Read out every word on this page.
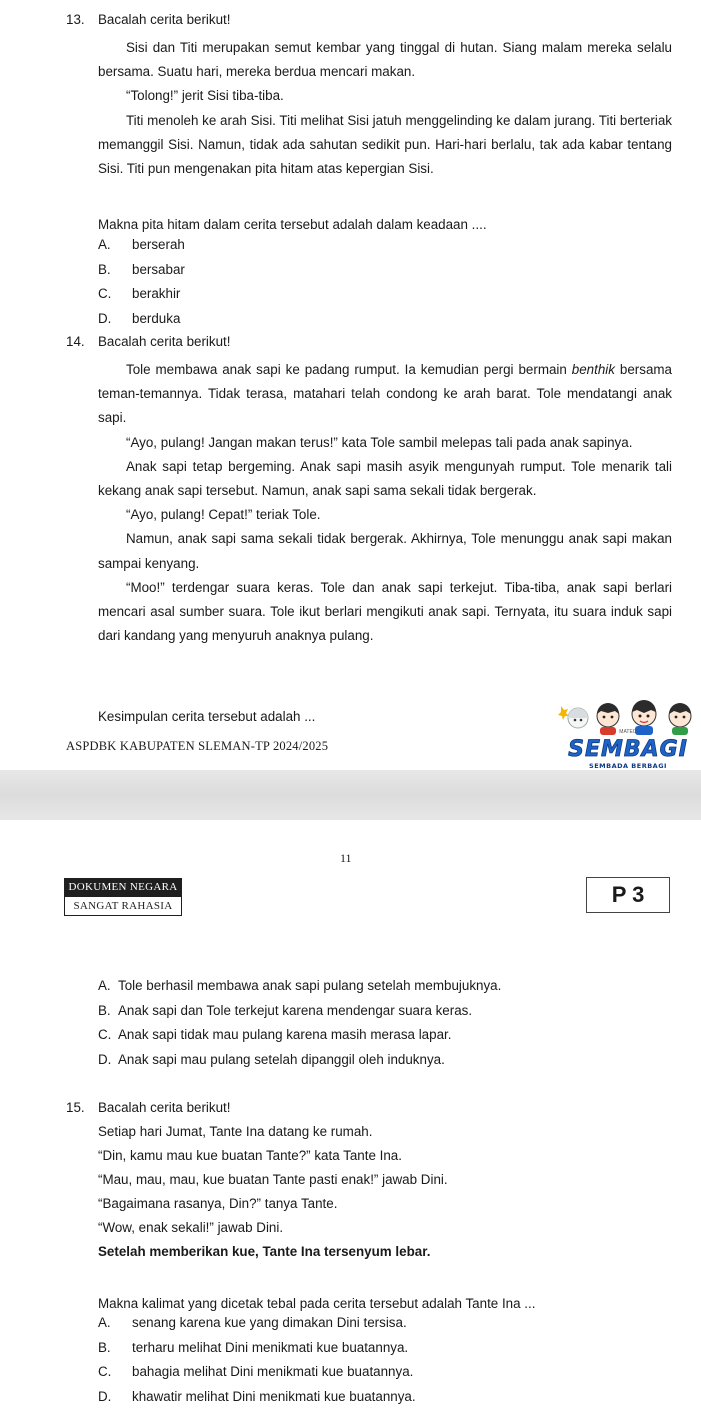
13. Bacalah cerita berikut!

Sisi dan Titi merupakan semut kembar yang tinggal di hutan. Siang malam mereka selalu bersama. Suatu hari, mereka berdua mencari makan.

“Tolong!” jerit Sisi tiba-tiba.

Titi menoleh ke arah Sisi. Titi melihat Sisi jatuh menggelinding ke dalam jurang. Titi berteriak memanggil Sisi. Namun, tidak ada sahutan sedikit pun. Hari-hari berlalu, tak ada kabar tentang Sisi. Titi pun mengenakan pita hitam atas kepergian Sisi.

Makna pita hitam dalam cerita tersebut adalah dalam keadaan ....
A. berserah
B. bersabar
C. berakhir
D. berduka
14. Bacalah cerita berikut!

Tole membawa anak sapi ke padang rumput. Ia kemudian pergi bermain benthik bersama teman-temannya. Tidak terasa, matahari telah condong ke arah barat. Tole mendatangi anak sapi.

“Ayo, pulang! Jangan makan terus!” kata Tole sambil melepas tali pada anak sapinya.

Anak sapi tetap bergeming. Anak sapi masih asyik mengunyah rumput. Tole menarik tali kekang anak sapi tersebut. Namun, anak sapi sama sekali tidak bergerak.

“Ayo, pulang! Cepat!” teriak Tole.

Namun, anak sapi sama sekali tidak bergerak. Akhirnya, Tole menunggu anak sapi makan sampai kenyang.

“Moo!” terdengar suara keras. Tole dan anak sapi terkejut. Tiba-tiba, anak sapi berlari mencari asal sumber suara. Tole ikut berlari mengikuti anak sapi. Ternyata, itu suara induk sapi dari kandang yang menyuruh anaknya pulang.

Kesimpulan cerita tersebut adalah ...
ASPDBK KABUPATEN SLEMAN-TP 2024/2025
MATEO
SEMBAGI
SEMBADA BERBAGI
11
DOKUMEN NEGARA
SANGAT RAHASIA	P 3
A. Tole berhasil membawa anak sapi pulang setelah membujuknya.
B. Anak sapi dan Tole terkejut karena mendengar suara keras.
C. Anak sapi tidak mau pulang karena masih merasa lapar.
D. Anak sapi mau pulang setelah dipanggil oleh induknya.
15. Bacalah cerita berikut!

Setiap hari Jumat, Tante Ina datang ke rumah.

“Din, kamu mau kue buatan Tante?” kata Tante Ina.

“Mau, mau, mau, kue buatan Tante pasti enak!” jawab Dini.

“Bagaimana rasanya, Din?” tanya Tante.

“Wow, enak sekali!” jawab Dini.

Setelah memberikan kue, Tante Ina tersenyum lebar.

Makna kalimat yang dicetak tebal pada cerita tersebut adalah Tante Ina ...
A. senang karena kue yang dimakan Dini tersisa.
B. terharu melihat Dini menikmati kue buatannya.
C. bahagia melihat Dini menikmati kue buatannya.
D. khawatir melihat Dini menikmati kue buatannya.
